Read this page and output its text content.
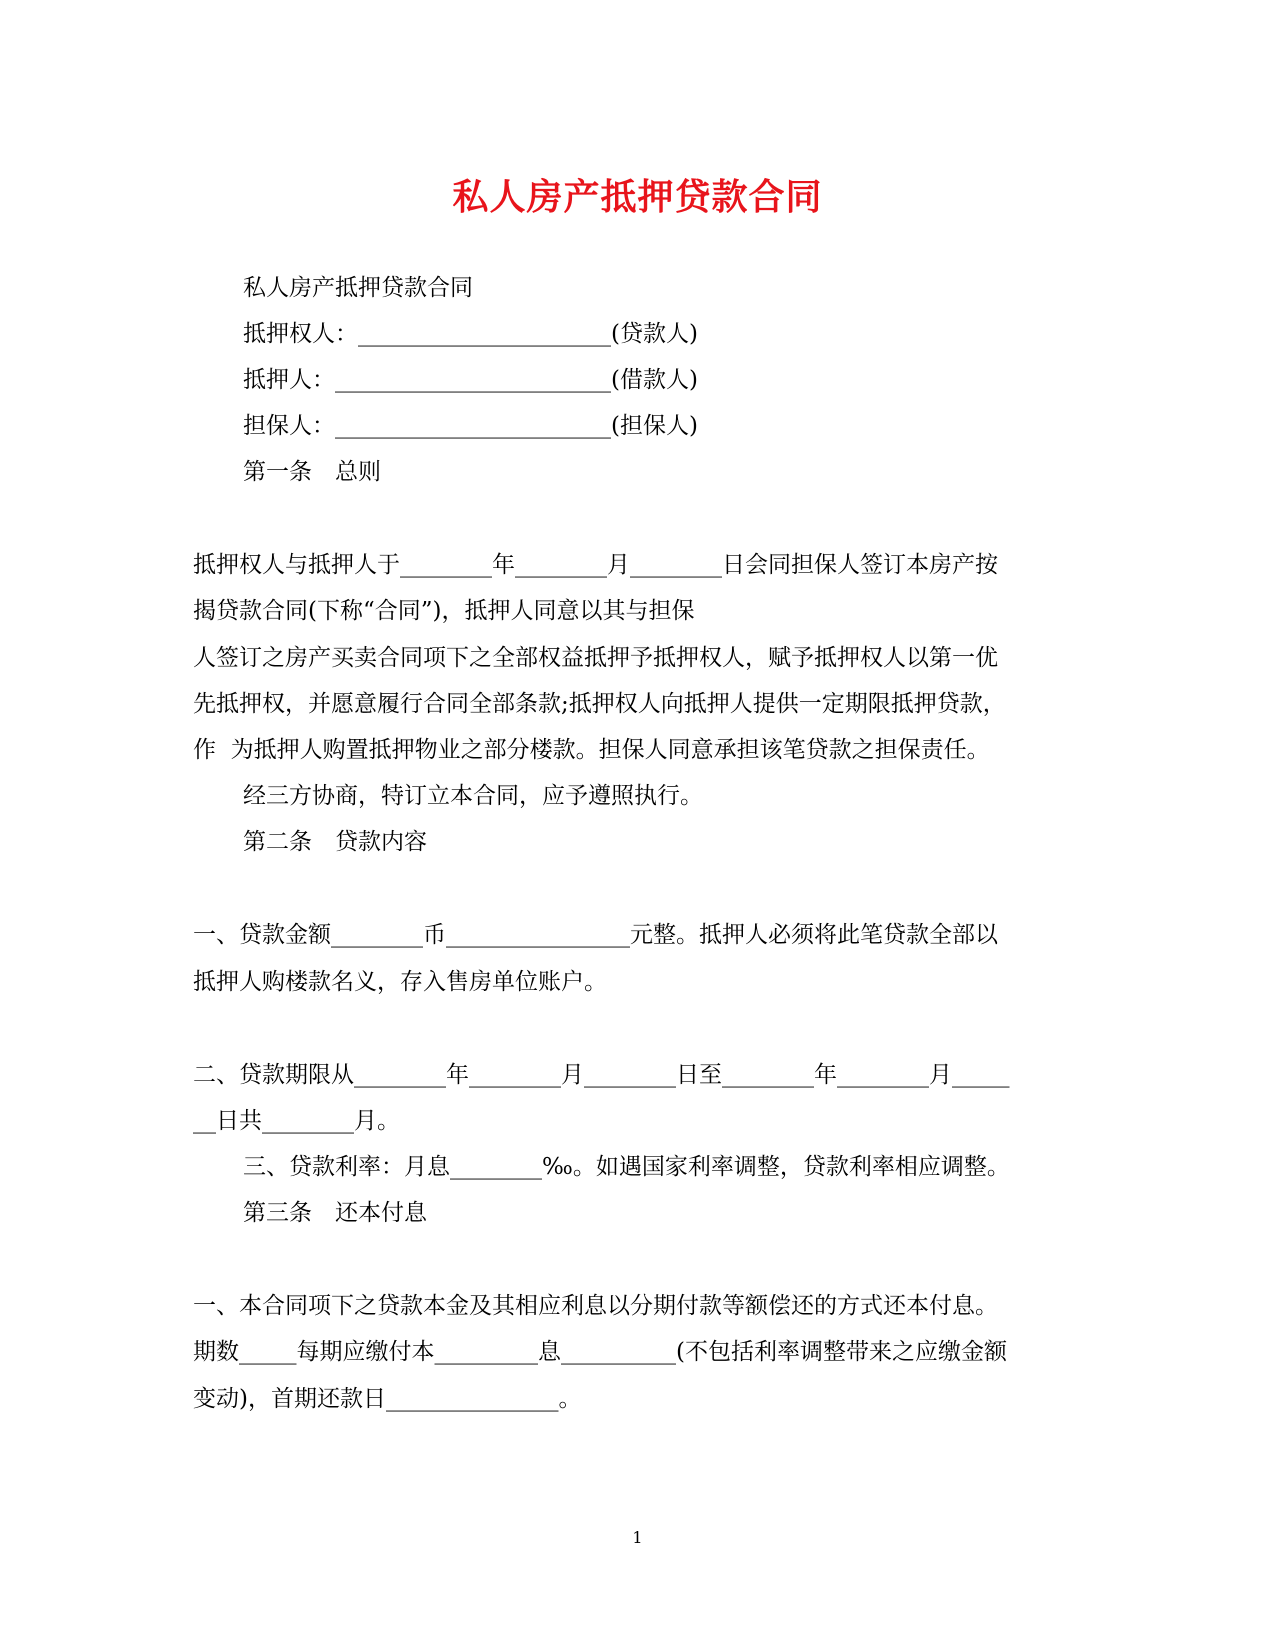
私人房产抵押贷款合同

私人房产抵押贷款合同

抵押权人：______________________(贷款人)

抵押人：________________________(借款人)

担保人：________________________(担保人)

第一条　总则

抵押权人与抵押人于________年________月________日会同担保人签订本房产按

揭贷款合同(下称“合同”)，抵押人同意以其与担保

人签订之房产买卖合同项下之全部权益抵押予抵押权人，赋予抵押权人以第一优

先抵押权，并愿意履行合同全部条款;抵押权人向抵押人提供一定期限抵押贷款，

作  为抵押人购置抵押物业之部分楼款。担保人同意承担该笔贷款之担保责任。

经三方协商，特订立本合同，应予遵照执行。

第二条　贷款内容

一、贷款金额________币________________元整。抵押人必须将此笔贷款全部以

抵押人购楼款名义，存入售房单位账户。

二、贷款期限从________年________月________日至________年________月_____

__日共________月。

三、贷款利率：月息________‰。如遇国家利率调整，贷款利率相应调整。

第三条　还本付息

一、本合同项下之贷款本金及其相应利息以分期付款等额偿还的方式还本付息。

期数_____每期应缴付本_________息__________(不包括利率调整带来之应缴金额

变动)，首期还款日_______________。

1
